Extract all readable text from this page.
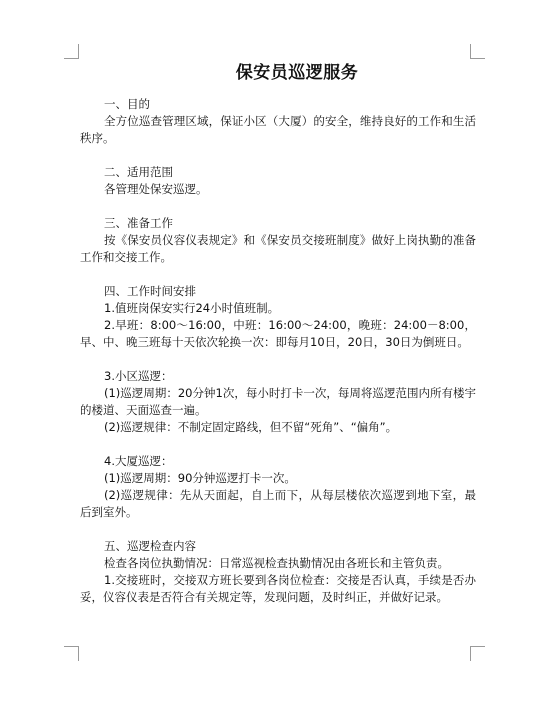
保安员巡逻服务

一、目的

全方位巡查管理区域，保证小区（大厦）的安全，维持良好的工作和生活秩序。

二、适用范围

各管理处保安巡逻。

三、准备工作

按《保安员仪容仪表规定》和《保安员交接班制度》做好上岗执勤的准备工作和交接工作。

四、工作时间安排

1.值班岗保安实行24小时值班制。

2.早班：8:00～16:00，中班：16:00～24:00，晚班：24:00－8:00，早、中、晚三班每十天依次轮换一次：即每月10日，20日，30日为倒班日。

3.小区巡逻：

(1)巡逻周期：20分钟1次，每小时打卡一次，每周将巡逻范围内所有楼宇的楼道、天面巡查一遍。

(2)巡逻规律：不制定固定路线，但不留“死角”、“偏角”。

4.大厦巡逻：

(1)巡逻周期：90分钟巡逻打卡一次。

(2)巡逻规律：先从天面起，自上而下，从每层楼依次巡逻到地下室，最后到室外。

五、巡逻检查内容

检查各岗位执勤情况：日常巡视检查执勤情况由各班长和主管负责。

1.交接班时，交接双方班长要到各岗位检查：交接是否认真，手续是否办妥，仪容仪表是否符合有关规定等，发现问题，及时纠正，并做好记录。
